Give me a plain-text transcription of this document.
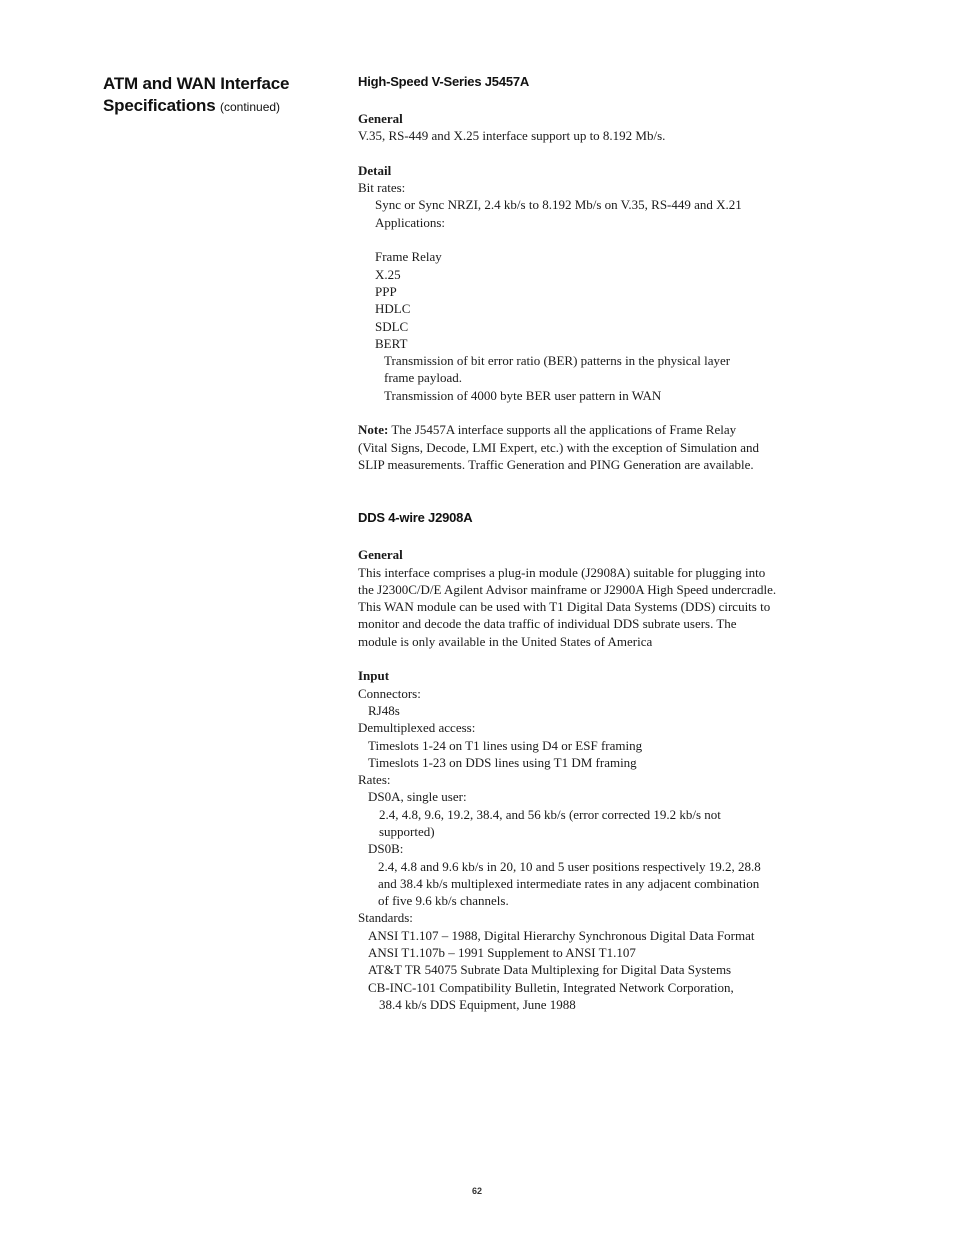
ATM and WAN Interface
Specifications (continued)
High-Speed V-Series J5457A
General
V.35, RS-449 and X.25 interface support up to 8.192 Mb/s.
Detail
Bit rates:
Sync or Sync NRZI, 2.4 kb/s to 8.192 Mb/s on V.35, RS-449 and X.21
Applications:
Frame Relay
X.25
PPP
HDLC
SDLC
BERT
Transmission of bit error ratio (BER) patterns in the physical layer
frame payload.
Transmission of 4000 byte BER user pattern in WAN
Note: The J5457A interface supports all the applications of Frame Relay
(Vital Signs, Decode, LMI Expert, etc.) with the exception of Simulation and
SLIP measurements. Traffic Generation and PING Generation are available.
DDS 4-wire J2908A
General
This interface comprises a plug-in module (J2908A) suitable for plugging into
the J2300C/D/E Agilent Advisor mainframe or J2900A High Speed undercradle.
This WAN module can be used with T1 Digital Data Systems (DDS) circuits to
monitor and decode the data traffic of individual DDS subrate users. The
module is only available in the United States of America
Input
Connectors:
RJ48s
Demultiplexed access:
Timeslots 1-24 on T1 lines using D4 or ESF framing
Timeslots 1-23 on DDS lines using T1 DM framing
Rates:
DS0A, single user:
2.4, 4.8, 9.6, 19.2, 38.4, and 56 kb/s (error corrected 19.2 kb/s not
supported)
DS0B:
2.4, 4.8 and 9.6 kb/s in 20, 10 and 5 user positions respectively 19.2, 28.8
and 38.4 kb/s multiplexed intermediate rates in any adjacent combination
of five 9.6 kb/s channels.
Standards:
ANSI T1.107 – 1988, Digital Hierarchy Synchronous Digital Data Format
ANSI T1.107b – 1991 Supplement to ANSI T1.107
AT&T TR 54075 Subrate Data Multiplexing for Digital Data Systems
CB-INC-101 Compatibility Bulletin, Integrated Network Corporation,
38.4 kb/s DDS Equipment, June 1988
62
